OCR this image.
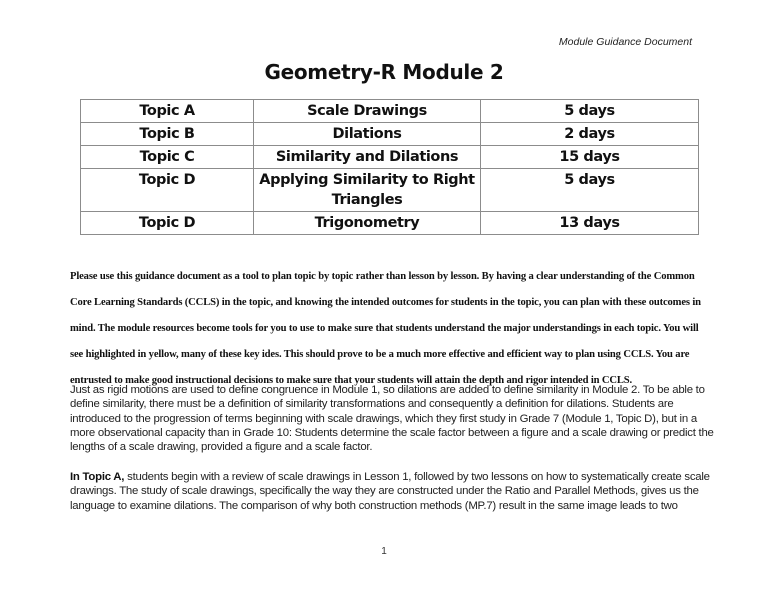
Module Guidance Document
Geometry-R Module 2
Topic A	Scale Drawings	5 days
Topic B	Dilations	2 days
Topic C	Similarity and Dilations	15 days
Topic D	Applying Similarity to Right Triangles	5 days
Topic D	Trigonometry	13 days

Please use this guidance document as a tool to plan topic by topic rather than lesson by lesson. By having a clear understanding of the Common Core Learning Standards (CCLS) in the topic, and knowing the intended outcomes for students in the topic, you can plan with these outcomes in mind. The module resources become tools for you to use to make sure that students understand the major understandings in each topic. You will see highlighted in yellow, many of these key ides. This should prove to be a much more effective and efficient way to plan using CCLS. You are entrusted to make good instructional decisions to make sure that your students will attain the depth and rigor intended in CCLS.

Just as rigid motions are used to define congruence in Module 1, so dilations are added to define similarity in Module 2. To be able to define similarity, there must be a definition of similarity transformations and consequently a definition for dilations. Students are introduced to the progression of terms beginning with scale drawings, which they first study in Grade 7 (Module 1, Topic D), but in a more observational capacity than in Grade 10: Students determine the scale factor between a figure and a scale drawing or predict the lengths of a scale drawing, provided a figure and a scale factor.

In Topic A, students begin with a review of scale drawings in Lesson 1, followed by two lessons on how to systematically create scale drawings. The study of scale drawings, specifically the way they are constructed under the Ratio and Parallel Methods, gives us the language to examine dilations. The comparison of why both construction methods (MP.7) result in the same image leads to two

1
